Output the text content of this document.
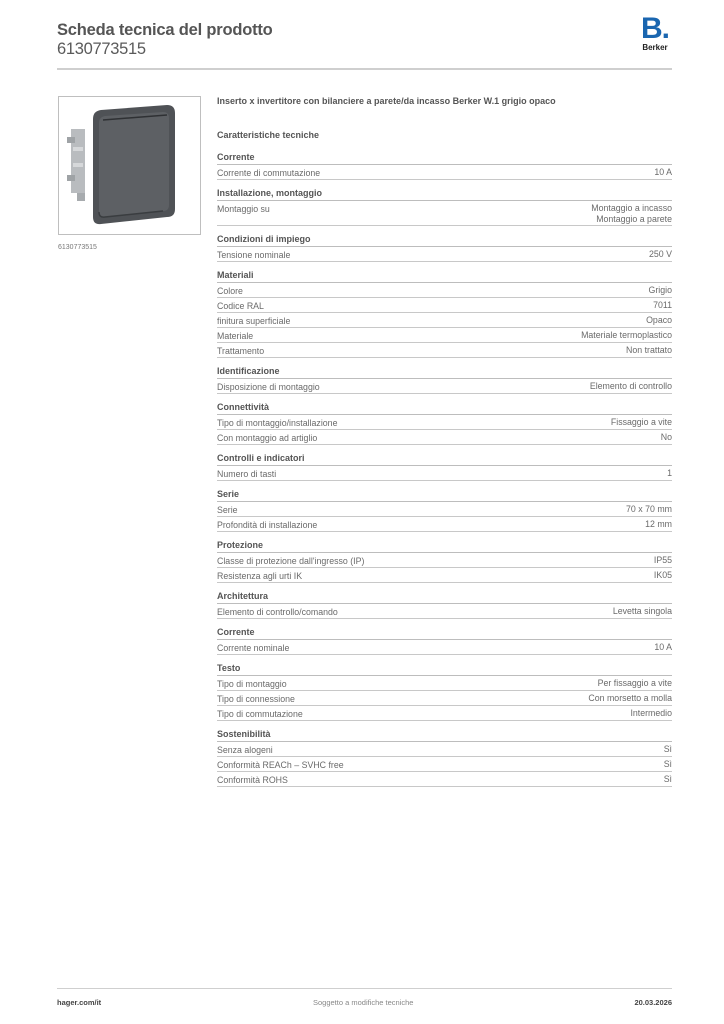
Scheda tecnica del prodotto
6130773515
B.
Berker
6130773515
Inserto x invertitore con bilanciere a parete/da incasso Berker W.1 grigio opaco
Caratteristiche tecniche
Corrente
Corrente di commutazione	10 A
Installazione, montaggio
Montaggio su	Montaggio a incasso
Montaggio a parete
Condizioni di impiego
Tensione nominale	250 V
Materiali
Colore	Grigio
Codice RAL	7011
finitura superficiale	Opaco
Materiale	Materiale termoplastico
Trattamento	Non trattato
Identificazione
Disposizione di montaggio	Elemento di controllo
Connettività
Tipo di montaggio/installazione	Fissaggio a vite
Con montaggio ad artiglio	No
Controlli e indicatori
Numero di tasti	1
Serie
Serie	70 x 70 mm
Profondità di installazione	12 mm
Protezione
Classe di protezione dall'ingresso (IP)	IP55
Resistenza agli urti IK	IK05
Architettura
Elemento di controllo/comando	Levetta singola
Corrente
Corrente nominale	10 A
Testo
Tipo di montaggio	Per fissaggio a vite
Tipo di connessione	Con morsetto a molla
Tipo di commutazione	Intermedio
Sostenibilità
Senza alogeni	Sì
Conformità REACh – SVHC free	Sì
Conformità ROHS	Sì
hager.com/it	Soggetto a modifiche tecniche	20.03.2026
